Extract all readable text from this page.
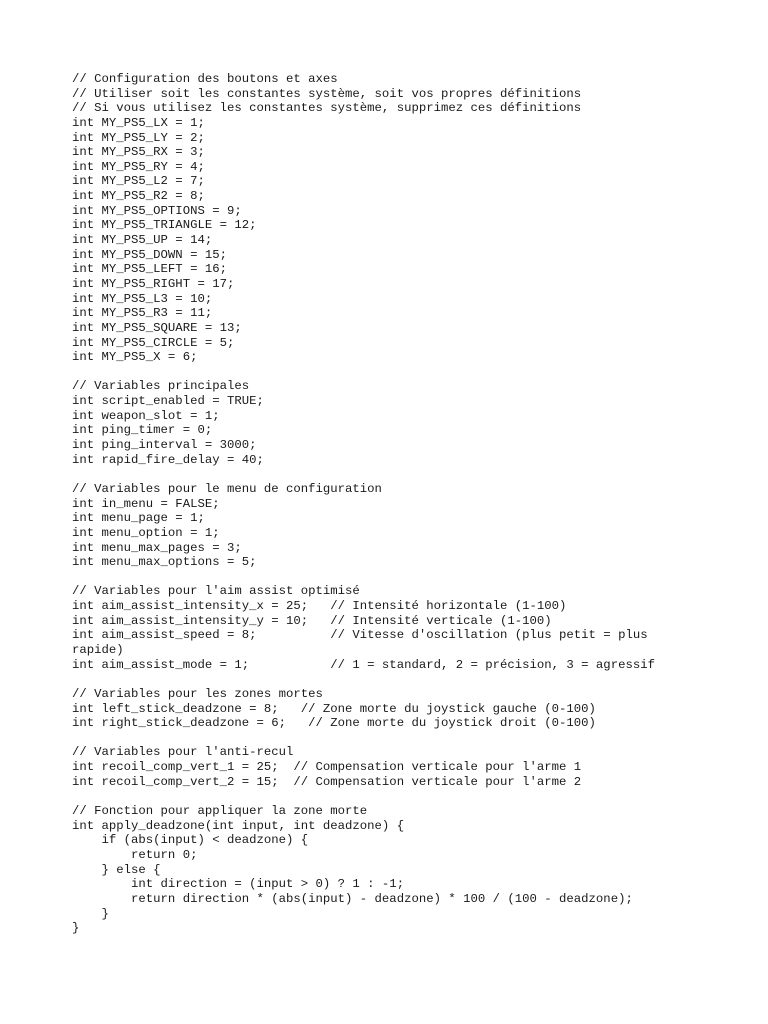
// Configuration des boutons et axes
// Utiliser soit les constantes système, soit vos propres définitions
// Si vous utilisez les constantes système, supprimez ces définitions
int MY_PS5_LX = 1;
int MY_PS5_LY = 2;
int MY_PS5_RX = 3;
int MY_PS5_RY = 4;
int MY_PS5_L2 = 7;
int MY_PS5_R2 = 8;
int MY_PS5_OPTIONS = 9;
int MY_PS5_TRIANGLE = 12;
int MY_PS5_UP = 14;
int MY_PS5_DOWN = 15;
int MY_PS5_LEFT = 16;
int MY_PS5_RIGHT = 17;
int MY_PS5_L3 = 10;
int MY_PS5_R3 = 11;
int MY_PS5_SQUARE = 13;
int MY_PS5_CIRCLE = 5;
int MY_PS5_X = 6;
// Variables principales
int script_enabled = TRUE;
int weapon_slot = 1;
int ping_timer = 0;
int ping_interval = 3000;
int rapid_fire_delay = 40;
// Variables pour le menu de configuration
int in_menu = FALSE;
int menu_page = 1;
int menu_option = 1;
int menu_max_pages = 3;
int menu_max_options = 5;
// Variables pour l'aim assist optimisé
int aim_assist_intensity_x = 25;   // Intensité horizontale (1-100)
int aim_assist_intensity_y = 10;   // Intensité verticale (1-100)
int aim_assist_speed = 8;          // Vitesse d'oscillation (plus petit = plus
rapide)
int aim_assist_mode = 1;           // 1 = standard, 2 = précision, 3 = agressif
// Variables pour les zones mortes
int left_stick_deadzone = 8;   // Zone morte du joystick gauche (0-100)
int right_stick_deadzone = 6;   // Zone morte du joystick droit (0-100)
// Variables pour l'anti-recul
int recoil_comp_vert_1 = 25;  // Compensation verticale pour l'arme 1
int recoil_comp_vert_2 = 15;  // Compensation verticale pour l'arme 2
// Fonction pour appliquer la zone morte
int apply_deadzone(int input, int deadzone) {
if (abs(input) < deadzone) {
return 0;
} else {
int direction = (input > 0) ? 1 : -1;
return direction * (abs(input) - deadzone) * 100 / (100 - deadzone);
}
}
